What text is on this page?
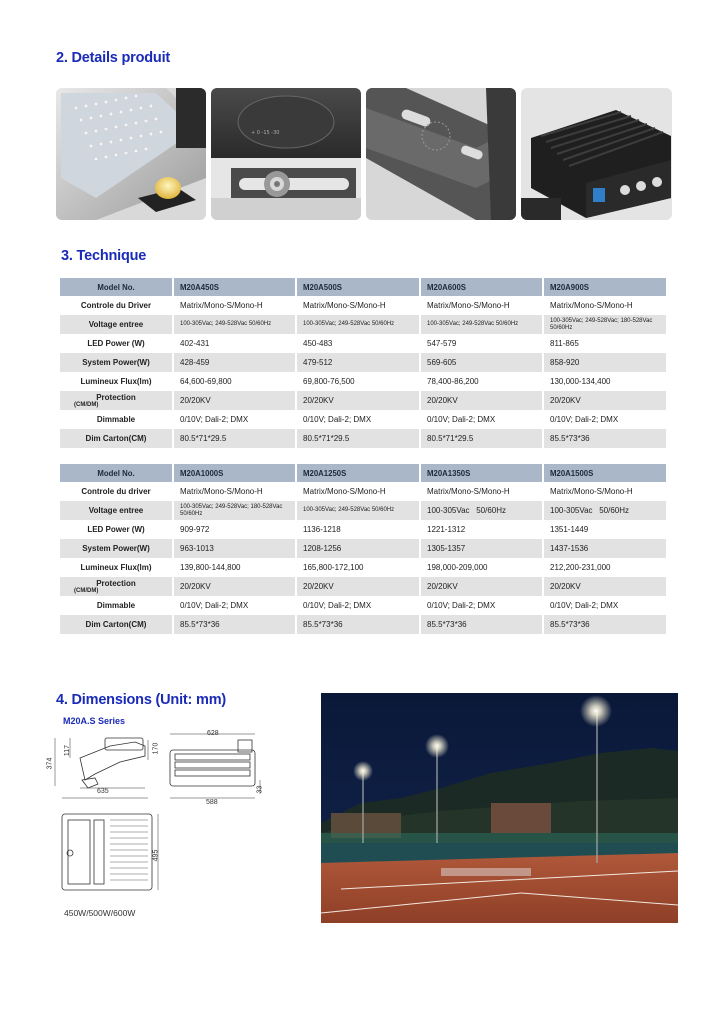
2. Details produit
+ 0 -15 -30
3. Technique
Model No.	M20A450S	M20A500S	M20A600S	M20A900S
Controle du Driver	Matrix/Mono-S/Mono-H	Matrix/Mono-S/Mono-H	Matrix/Mono-S/Mono-H	Matrix/Mono-S/Mono-H
Voltage entree	100-305Vac; 249-528Vac 50/60Hz	100-305Vac; 249-528Vac 50/60Hz	100-305Vac; 249-528Vac 50/60Hz	100-305Vac; 249-528Vac; 180-528Vac 50/60Hz
LED Power (W)	402-431	450-483	547-579	811-865
System Power(W)	428-459	479-512	569-605	858-920
Lumineux Flux(lm)	64,600-69,800	69,800-76,500	78,400-86,200	130,000-134,400

Protection
(CM/DM)	20/20KV	20/20KV	20/20KV	20/20KV
Dimmable	0/10V; Dali-2; DMX	0/10V; Dali-2; DMX	0/10V; Dali-2; DMX	0/10V; Dali-2; DMX
Dim Carton(CM)	80.5*71*29.5	80.5*71*29.5	80.5*71*29.5	85.5*73*36
Model No.	M20A1000S	M20A1250S	M20A1350S	M20A1500S
Controle du driver	Matrix/Mono-S/Mono-H	Matrix/Mono-S/Mono-H	Matrix/Mono-S/Mono-H	Matrix/Mono-S/Mono-H
Voltage entree	100-305Vac; 249-528Vac; 180-528Vac 50/60Hz	100-305Vac; 249-528Vac 50/60Hz	100-305Vac   50/60Hz	100-305Vac   50/60Hz
LED Power (W)	909-972	1136-1218	1221-1312	1351-1449
System Power(W)	963-1013	1208-1256	1305-1357	1437-1536
Lumineux Flux(lm)	139,800-144,800	165,800-172,100	198,000-209,000	212,200-231,000

Protection
(CM/DM)	20/20KV	20/20KV	20/20KV	20/20KV
Dimmable	0/10V; Dali-2; DMX	0/10V; Dali-2; DMX	0/10V; Dali-2; DMX	0/10V; Dali-2; DMX
Dim Carton(CM)	85.5*73*36	85.5*73*36	85.5*73*36	85.5*73*36
4. Dimensions (Unit: mm)
M20A.S Series
628
170
374
117
635
588
33
495
450W/500W/600W
